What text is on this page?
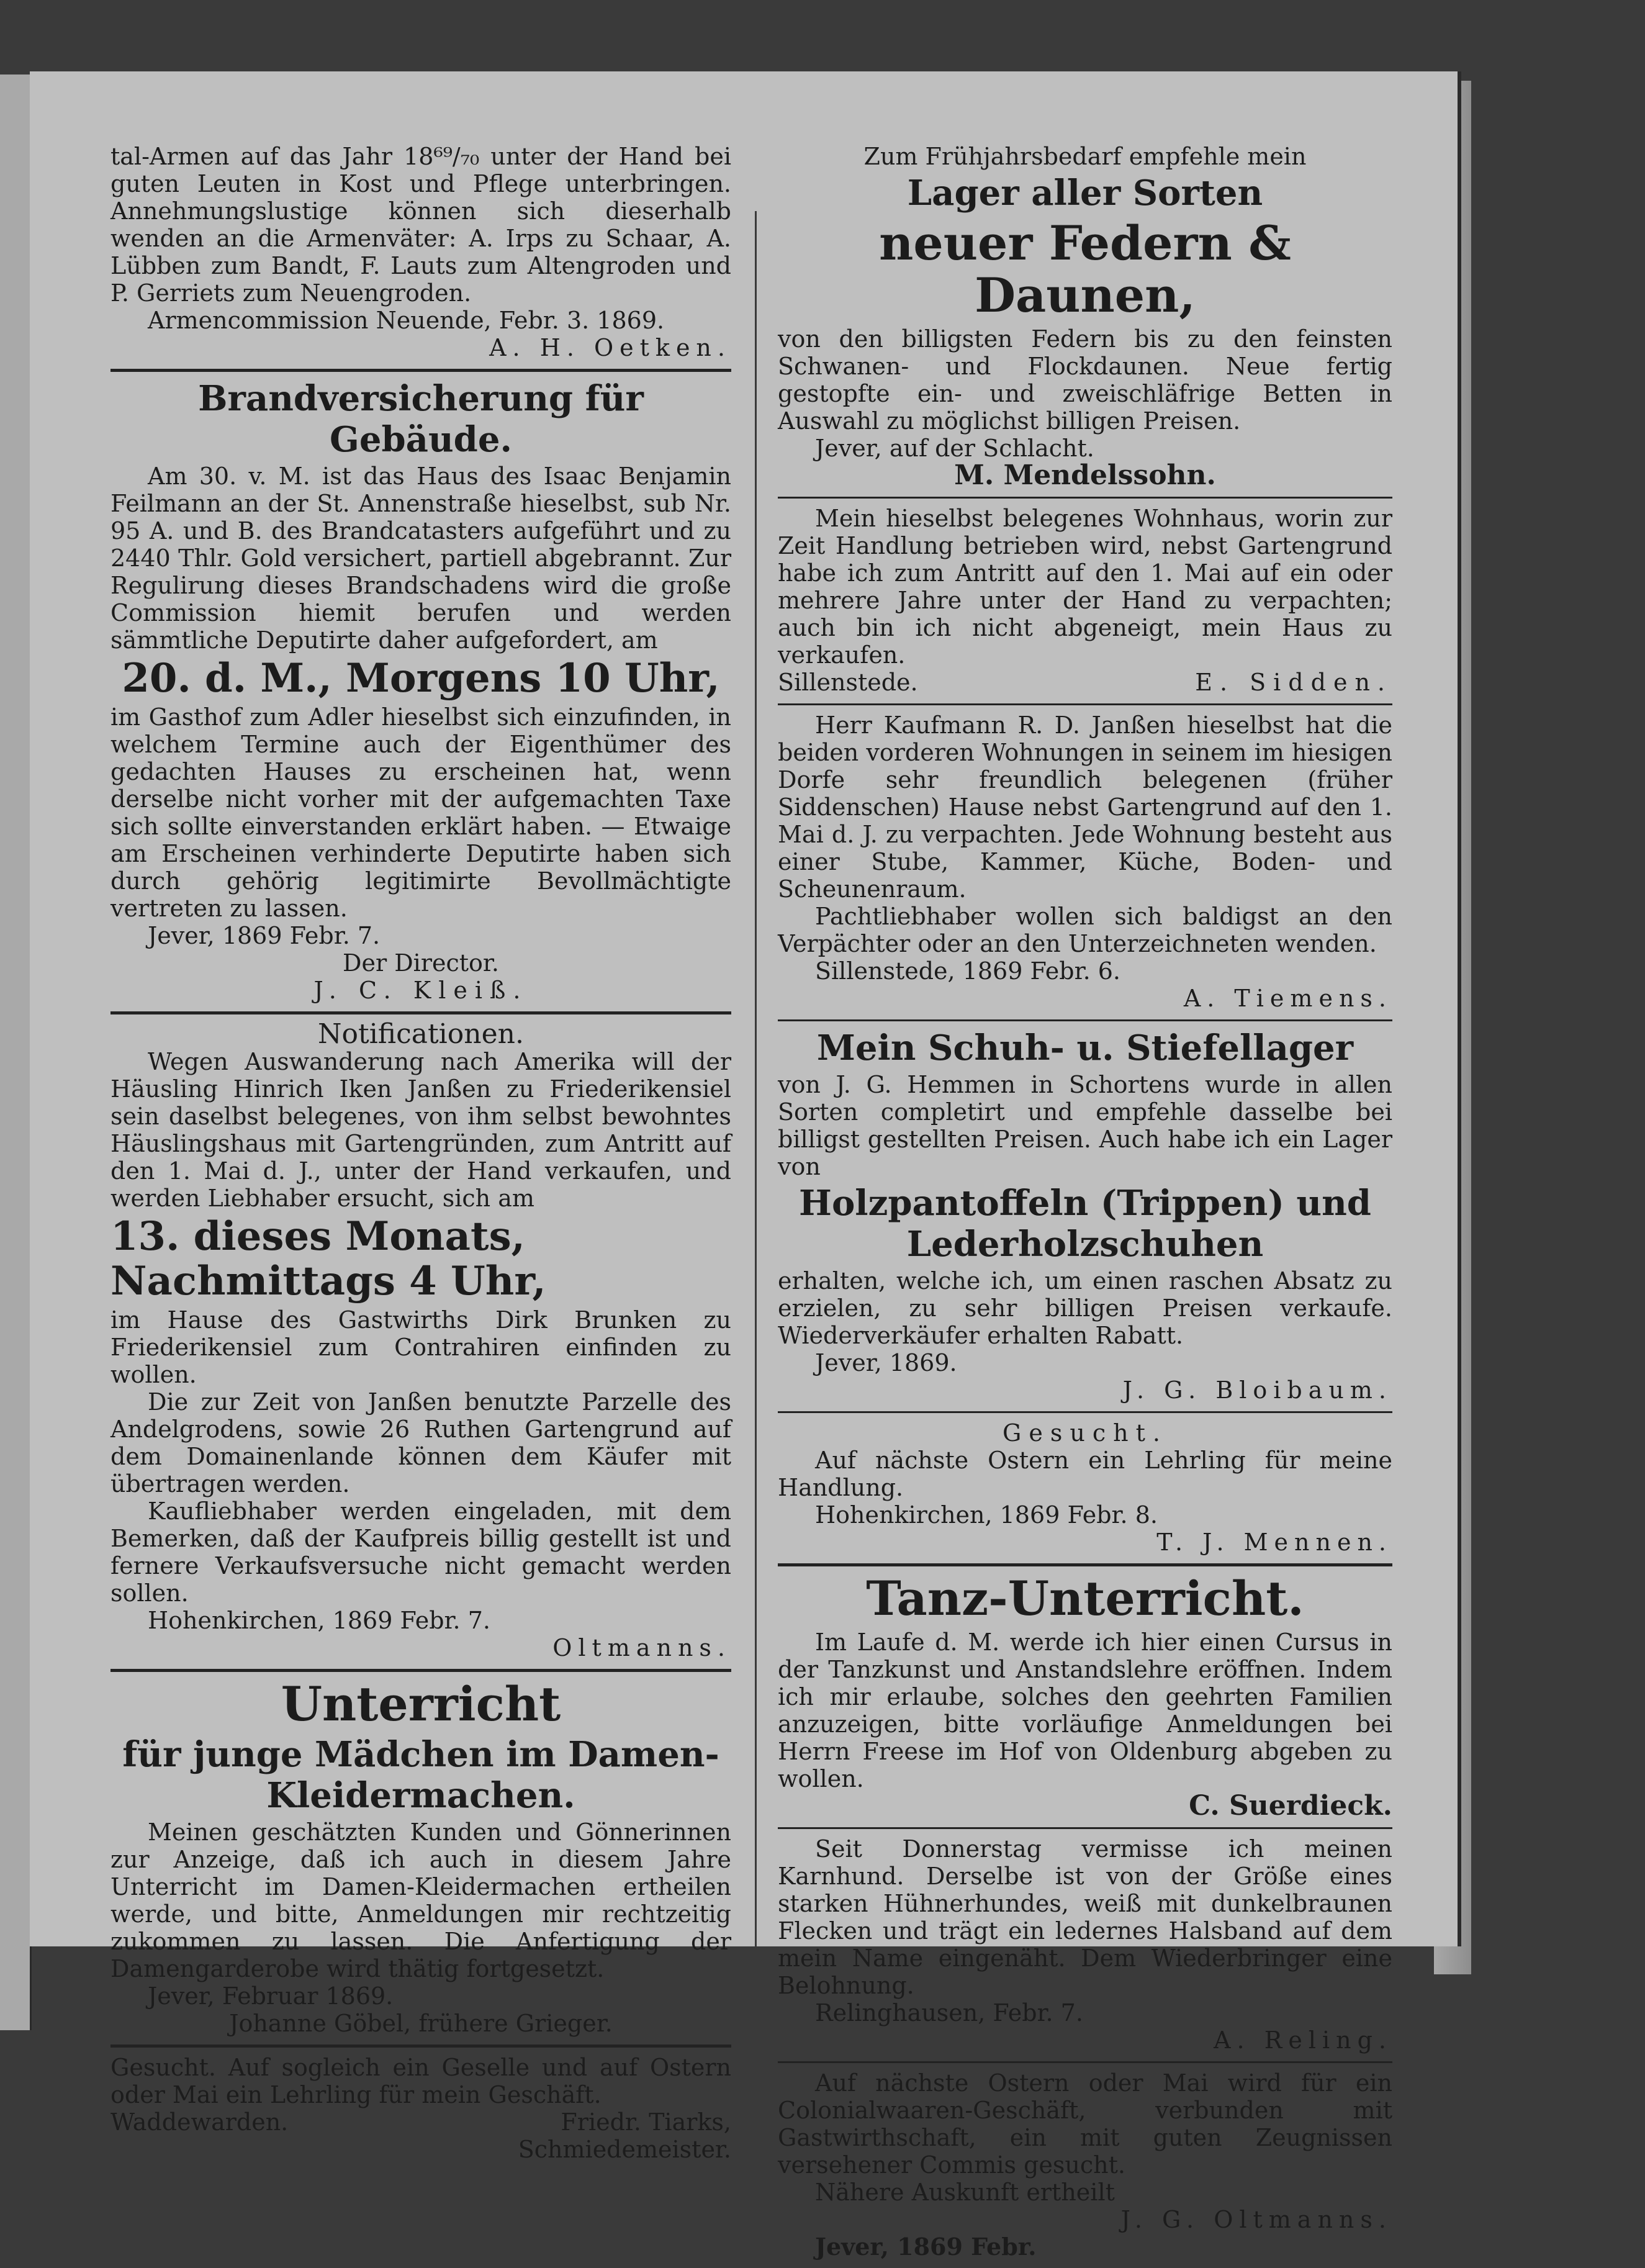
tal-Armen auf das Jahr 18⁶⁹/₇₀ unter der Hand bei guten Leuten in Kost und Pflege unterbringen. Annehmungslustige können sich dieserhalb wenden an die Armenväter: A. Irps zu Schaar, A. Lübben zum Bandt, F. Lauts zum Altengroden und P. Gerriets zum Neuengroden.

Armencommission Neuende, Febr. 3. 1869.

A. H. Oetken.

Brandversicherung für Gebäude.

Am 30. v. M. ist das Haus des Isaac Benjamin Feilmann an der St. Annenstraße hieselbst, sub Nr. 95 A. und B. des Brandcatasters aufgeführt und zu 2440 Thlr. Gold versichert, partiell abgebrannt. Zur Regulirung dieses Brandschadens wird die große Commission hiemit berufen und werden sämmtliche Deputirte daher aufgefordert, am

20. d. M., Morgens 10 Uhr,

im Gasthof zum Adler hieselbst sich einzufinden, in welchem Termine auch der Eigenthümer des gedachten Hauses zu erscheinen hat, wenn derselbe nicht vorher mit der aufgemachten Taxe sich sollte einverstanden erklärt haben. — Etwaige am Erscheinen verhinderte Deputirte haben sich durch gehörig legitimirte Bevollmächtigte vertreten zu lassen.

Jever, 1869 Febr. 7.

Der Director.

J. C. Kleiß.

Notificationen.

Wegen Auswanderung nach Amerika will der Häusling Hinrich Iken Janßen zu Friederikensiel sein daselbst belegenes, von ihm selbst bewohntes Häuslingshaus mit Gartengründen, zum Antritt auf den 1. Mai d. J., unter der Hand verkaufen, und werden Liebhaber ersucht, sich am

13. dieses Monats, Nachmittags 4 Uhr,

im Hause des Gastwirths Dirk Brunken zu Friederikensiel zum Contrahiren einfinden zu wollen.

Die zur Zeit von Janßen benutzte Parzelle des Andelgrodens, sowie 26 Ruthen Gartengrund auf dem Domainenlande können dem Käufer mit übertragen werden.

Kaufliebhaber werden eingeladen, mit dem Bemerken, daß der Kaufpreis billig gestellt ist und fernere Verkaufsversuche nicht gemacht werden sollen.

Hohenkirchen, 1869 Febr. 7.

Oltmanns.

Unterricht

für junge Mädchen im Damen-Kleidermachen.

Meinen geschätzten Kunden und Gönnerinnen zur Anzeige, daß ich auch in diesem Jahre Unterricht im Damen-Kleidermachen ertheilen werde, und bitte, Anmeldungen mir rechtzeitig zukommen zu lassen. Die Anfertigung der Damengarderobe wird thätig fortgesetzt.

Jever, Februar 1869.

Johanne Göbel, frühere Grieger.

Gesucht. Auf sogleich ein Geselle und auf Ostern oder Mai ein Lehrling für mein Geschäft.

Waddewarden.	Friedr. Tiarks,

Schmiedemeister.

Zum Frühjahrsbedarf empfehle mein

Lager aller Sorten

neuer Federn & Daunen,

von den billigsten Federn bis zu den feinsten Schwanen- und Flockdaunen. Neue fertig gestopfte ein- und zweischläfrige Betten in Auswahl zu möglichst billigen Preisen.

Jever, auf der Schlacht.

M. Mendelssohn.

Mein hieselbst belegenes Wohnhaus, worin zur Zeit Handlung betrieben wird, nebst Gartengrund habe ich zum Antritt auf den 1. Mai auf ein oder mehrere Jahre unter der Hand zu verpachten; auch bin ich nicht abgeneigt, mein Haus zu verkaufen.

Sillenstede.	E. Sidden.

Herr Kaufmann R. D. Janßen hieselbst hat die beiden vorderen Wohnungen in seinem im hiesigen Dorfe sehr freundlich belegenen (früher Siddenschen) Hause nebst Gartengrund auf den 1. Mai d. J. zu verpachten. Jede Wohnung besteht aus einer Stube, Kammer, Küche, Boden- und Scheunenraum.

Pachtliebhaber wollen sich baldigst an den Verpächter oder an den Unterzeichneten wenden.

Sillenstede, 1869 Febr. 6.

A. Tiemens.

Mein Schuh- u. Stiefellager

von J. G. Hemmen in Schortens wurde in allen Sorten completirt und empfehle dasselbe bei billigst gestellten Preisen. Auch habe ich ein Lager von

Holzpantoffeln (Trippen) und Lederholzschuhen

erhalten, welche ich, um einen raschen Absatz zu erzielen, zu sehr billigen Preisen verkaufe. Wiederverkäufer erhalten Rabatt.

Jever, 1869.

J. G. Bloibaum.

Gesucht.

Auf nächste Ostern ein Lehrling für meine Handlung.

Hohenkirchen, 1869 Febr. 8.

T. J. Mennen.

Tanz-Unterricht.

Im Laufe d. M. werde ich hier einen Cursus in der Tanzkunst und Anstandslehre eröffnen. Indem ich mir erlaube, solches den geehrten Familien anzuzeigen, bitte vorläufige Anmeldungen bei Herrn Freese im Hof von Oldenburg abgeben zu wollen.

C. Suerdieck.

Seit Donnerstag vermisse ich meinen Karnhund. Derselbe ist von der Größe eines starken Hühnerhundes, weiß mit dunkelbraunen Flecken und trägt ein ledernes Halsband auf dem mein Name eingenäht. Dem Wiederbringer eine Belohnung.

Relinghausen, Febr. 7.

A. Reling.

Auf nächste Ostern oder Mai wird für ein Colonialwaaren-Geschäft, verbunden mit Gastwirthschaft, ein mit guten Zeugnissen versehener Commis gesucht.

Nähere Auskunft ertheilt

J. G. Oltmanns.

Jever, 1869 Febr.
